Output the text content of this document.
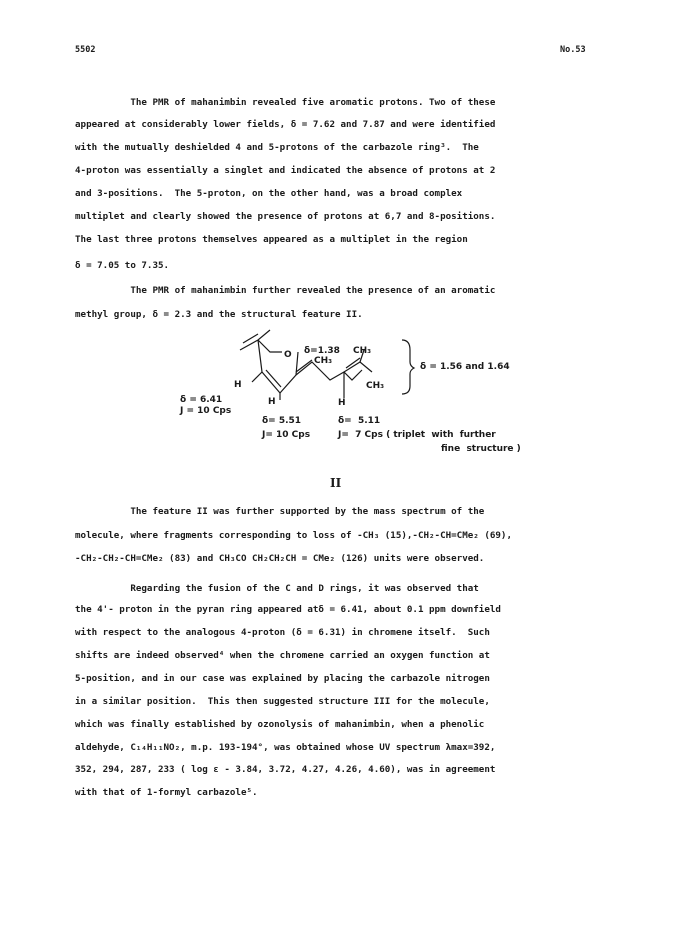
5502	No.53
The PMR of mahanimbin revealed five aromatic protons. Two of these
appeared at considerably lower fields, δ = 7.62 and 7.87 and were identified
with the mutually deshielded 4 and 5-protons of the carbazole ring³.  The
4-proton was essentially a singlet and indicated the absence of protons at 2
and 3-positions.  The 5-proton, on the other hand, was a broad complex
multiplet and clearly showed the presence of protons at 6,7 and 8-positions.
The last three protons themselves appeared as a multiplet in the region
δ = 7.05 to 7.35.
The PMR of mahanimbin further revealed the presence of an aromatic
methyl group, δ = 2.3 and the structural feature II.
O δ=1.38
CH₃
CH₃
CH₃
δ = 1.56 and 1.64
H
δ = 6.41
J = 10 Cps
H
δ= 5.51
J= 10 Cps
H
δ=  5.11
J=  7 Cps ( triplet  with  further
fine  structure )
II
The feature II was further supported by the mass spectrum of the
molecule, where fragments corresponding to loss of -CH₃ (15),-CH₂-CH=CMe₂ (69),
-CH₂-CH₂-CH=CMe₂ (83) and CH₃CO CH₂CH₂CH = CMe₂ (126) units were observed.
Regarding the fusion of the C and D rings, it was observed that
the 4'- proton in the pyran ring appeared atδ = 6.41, about 0.1 ppm downfield
with respect to the analogous 4-proton (δ = 6.31) in chromene itself.  Such
shifts are indeed observed⁴ when the chromene carried an oxygen function at
5-position, and in our case was explained by placing the carbazole nitrogen
in a similar position.  This then suggested structure III for the molecule,
which was finally established by ozonolysis of mahanimbin, when a phenolic
aldehyde, C₁₄H₁₁NO₂, m.p. 193-194°, was obtained whose UV spectrum λmax=392,
352, 294, 287, 233 ( log ε - 3.84, 3.72, 4.27, 4.26, 4.60), was in agreement
with that of 1-formyl carbazole⁵.
